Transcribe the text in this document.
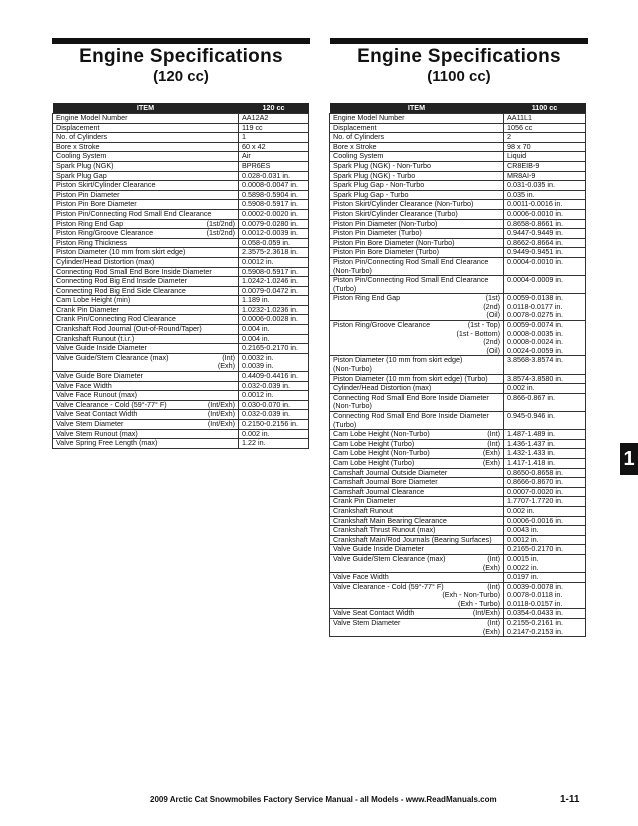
Engine Specifications
(120 cc)
Engine Specifications
(1100 cc)
ITEM	120 cc

Engine Model Number	AA12A2

Displacement	119 cc

No. of Cylinders	1

Bore x Stroke	60 x 42

Cooling System	Air

Spark Plug (NGK)	BPR6ES

Spark Plug Gap	0.028-0.031 in.

Piston Skirt/Cylinder Clearance	0.0008-0.0047 in.

Piston Pin Diameter	0.5898-0.5904 in.

Piston Pin Bore Diameter	0.5908-0.5917 in.

Piston Pin/Connecting Rod Small End Clearance	0.0002-0.0020 in.

Piston Ring End Gap (1st/2nd)	0.0079-0.0280 in.

Piston Ring/Groove Clearance (1st/2nd)	0.0012-0.0039 in.

Piston Ring Thickness	0.058-0.059 in.

Piston Diameter (10 mm from skirt edge)	2.3575-2.3618 in.

Cylinder/Head Distortion (max)	0.0012 in.

Connecting Rod Small End Bore Inside Diameter	0.5908-0.5917 in.

Connecting Rod Big End Inside Diameter	1.0242-1.0246 in.

Connecting Rod Big End Side Clearance	0.0079-0.0472 in.

Cam Lobe Height (min)	1.189 in.

Crank Pin Diameter	1.0232-1.0236 in.

Crank Pin/Connecting Rod Clearance	0.0006-0.0028 in.

Crankshaft Rod Journal (Out-of-Round/Taper)	0.004 in.

Crankshaft Runout (t.i.r.)	0.004 in.

Valve Guide Inside Diameter	0.2165-0.2170 in.

Valve Guide/Stem Clearance (max) (Int)
(Exh)	0.0032 in.
0.0039 in.

Valve Guide Bore Diameter	0.4409-0.4416 in.

Valve Face Width	0.032-0.039 in.

Valve Face Runout (max)	0.0012 in.

Valve Clearance - Cold (59°-77° F) (Int/Exh)	0.030-0.070 in.

Valve Seat Contact Width (Int/Exh)	0.032-0.039 in.

Valve Stem Diameter (Int/Exh)	0.2150-0.2156 in.

Valve Stem Runout (max)	0.002 in.

Valve Spring Free Length (max)	1.22 in.
ITEM	1100 cc

Engine Model Number	AA11L1

Displacement	1056 cc

No. of Cylinders	2

Bore x Stroke	98 x 70

Cooling System	Liquid

Spark Plug (NGK) - Non-Turbo	CR8EIB-9

Spark Plug (NGK) - Turbo	MR8AI-9

Spark Plug Gap - Non-Turbo	0.031-0.035 in.

Spark Plug Gap - Turbo	0.035 in.

Piston Skirt/Cylinder Clearance (Non-Turbo)	0.0011-0.0016 in.

Piston Skirt/Cylinder Clearance (Turbo)	0.0006-0.0010 in.

Piston Pin Diameter (Non-Turbo)	0.8658-0.8661 in.

Piston Pin Diameter (Turbo)	0.9447-0.9449 in.

Piston Pin Bore Diameter (Non-Turbo)	0.8662-0.8664 in.

Piston Pin Bore Diameter (Turbo)	0.9449-0.9451 in.

Piston Pin/Connecting Rod Small End Clearance
(Non-Turbo)	0.0004-0.0010 in.

Piston Pin/Connecting Rod Small End Clearance
(Turbo)	0.0004-0.0009 in.

Piston Ring End Gap (1st)
(2nd)
(Oil)	0.0059-0.0138 in.
0.0118-0.0177 in.
0.0078-0.0275 in.

Piston Ring/Groove Clearance (1st - Top)
(1st - Bottom)
(2nd)
(Oil)	0.0059-0.0074 in.
0.0008-0.0035 in.
0.0008-0.0024 in.
0.0024-0.0059 in.

Piston Diameter (10 mm from skirt edge)
(Non-Turbo)	3.8568-3.8574 in.

Piston Diameter (10 mm from skirt edge) (Turbo)	3.8574-3.8580 in.

Cylinder/Head Distortion (max)	0.002 in.

Connecting Rod Small End Bore Inside Diameter
(Non-Turbo)	0.866-0.867 in.

Connecting Rod Small End Bore Inside Diameter
(Turbo)	0.945-0.946 in.

Cam Lobe Height (Non-Turbo) (Int)	1.487-1.489 in.

Cam Lobe Height (Turbo) (Int)	1.436-1.437 in.

Cam Lobe Height (Non-Turbo) (Exh)	1.432-1.433 in.

Cam Lobe Height (Turbo) (Exh)	1.417-1.418 in.

Camshaft Journal Outside Diameter	0.8650-0.8658 in.

Camshaft Journal Bore Diameter	0.8666-0.8670 in.

Camshaft Journal Clearance	0.0007-0.0020 in.

Crank Pin Diameter	1.7707-1.7720 in.

Crankshaft Runout	0.002 in.

Crankshaft Main Bearing Clearance	0.0006-0.0016 in.

Crankshaft Thrust Runout (max)	0.0043 in.

Crankshaft Main/Rod Journals (Bearing Surfaces)	0.0012 in.

Valve Guide Inside Diameter	0.2165-0.2170 in.

Valve Guide/Stem Clearance (max) (Int)
(Exh)	0.0015 in.
0.0022 in.

Valve Face Width	0.0197 in.

Valve Clearance - Cold (59°-77° F) (Int)
(Exh - Non-Turbo)
(Exh - Turbo)	0.0039-0.0078 in.
0.0078-0.0118 in.
0.0118-0.0157 in.

Valve Seat Contact Width (Int/Exh)	0.0354-0.0433 in.

Valve Stem Diameter (Int)
(Exh)	0.2155-0.2161 in.
0.2147-0.2153 in.
1
2009 Arctic Cat Snowmobiles Factory Service Manual - all Models - www.ReadManuals.com	1-11
